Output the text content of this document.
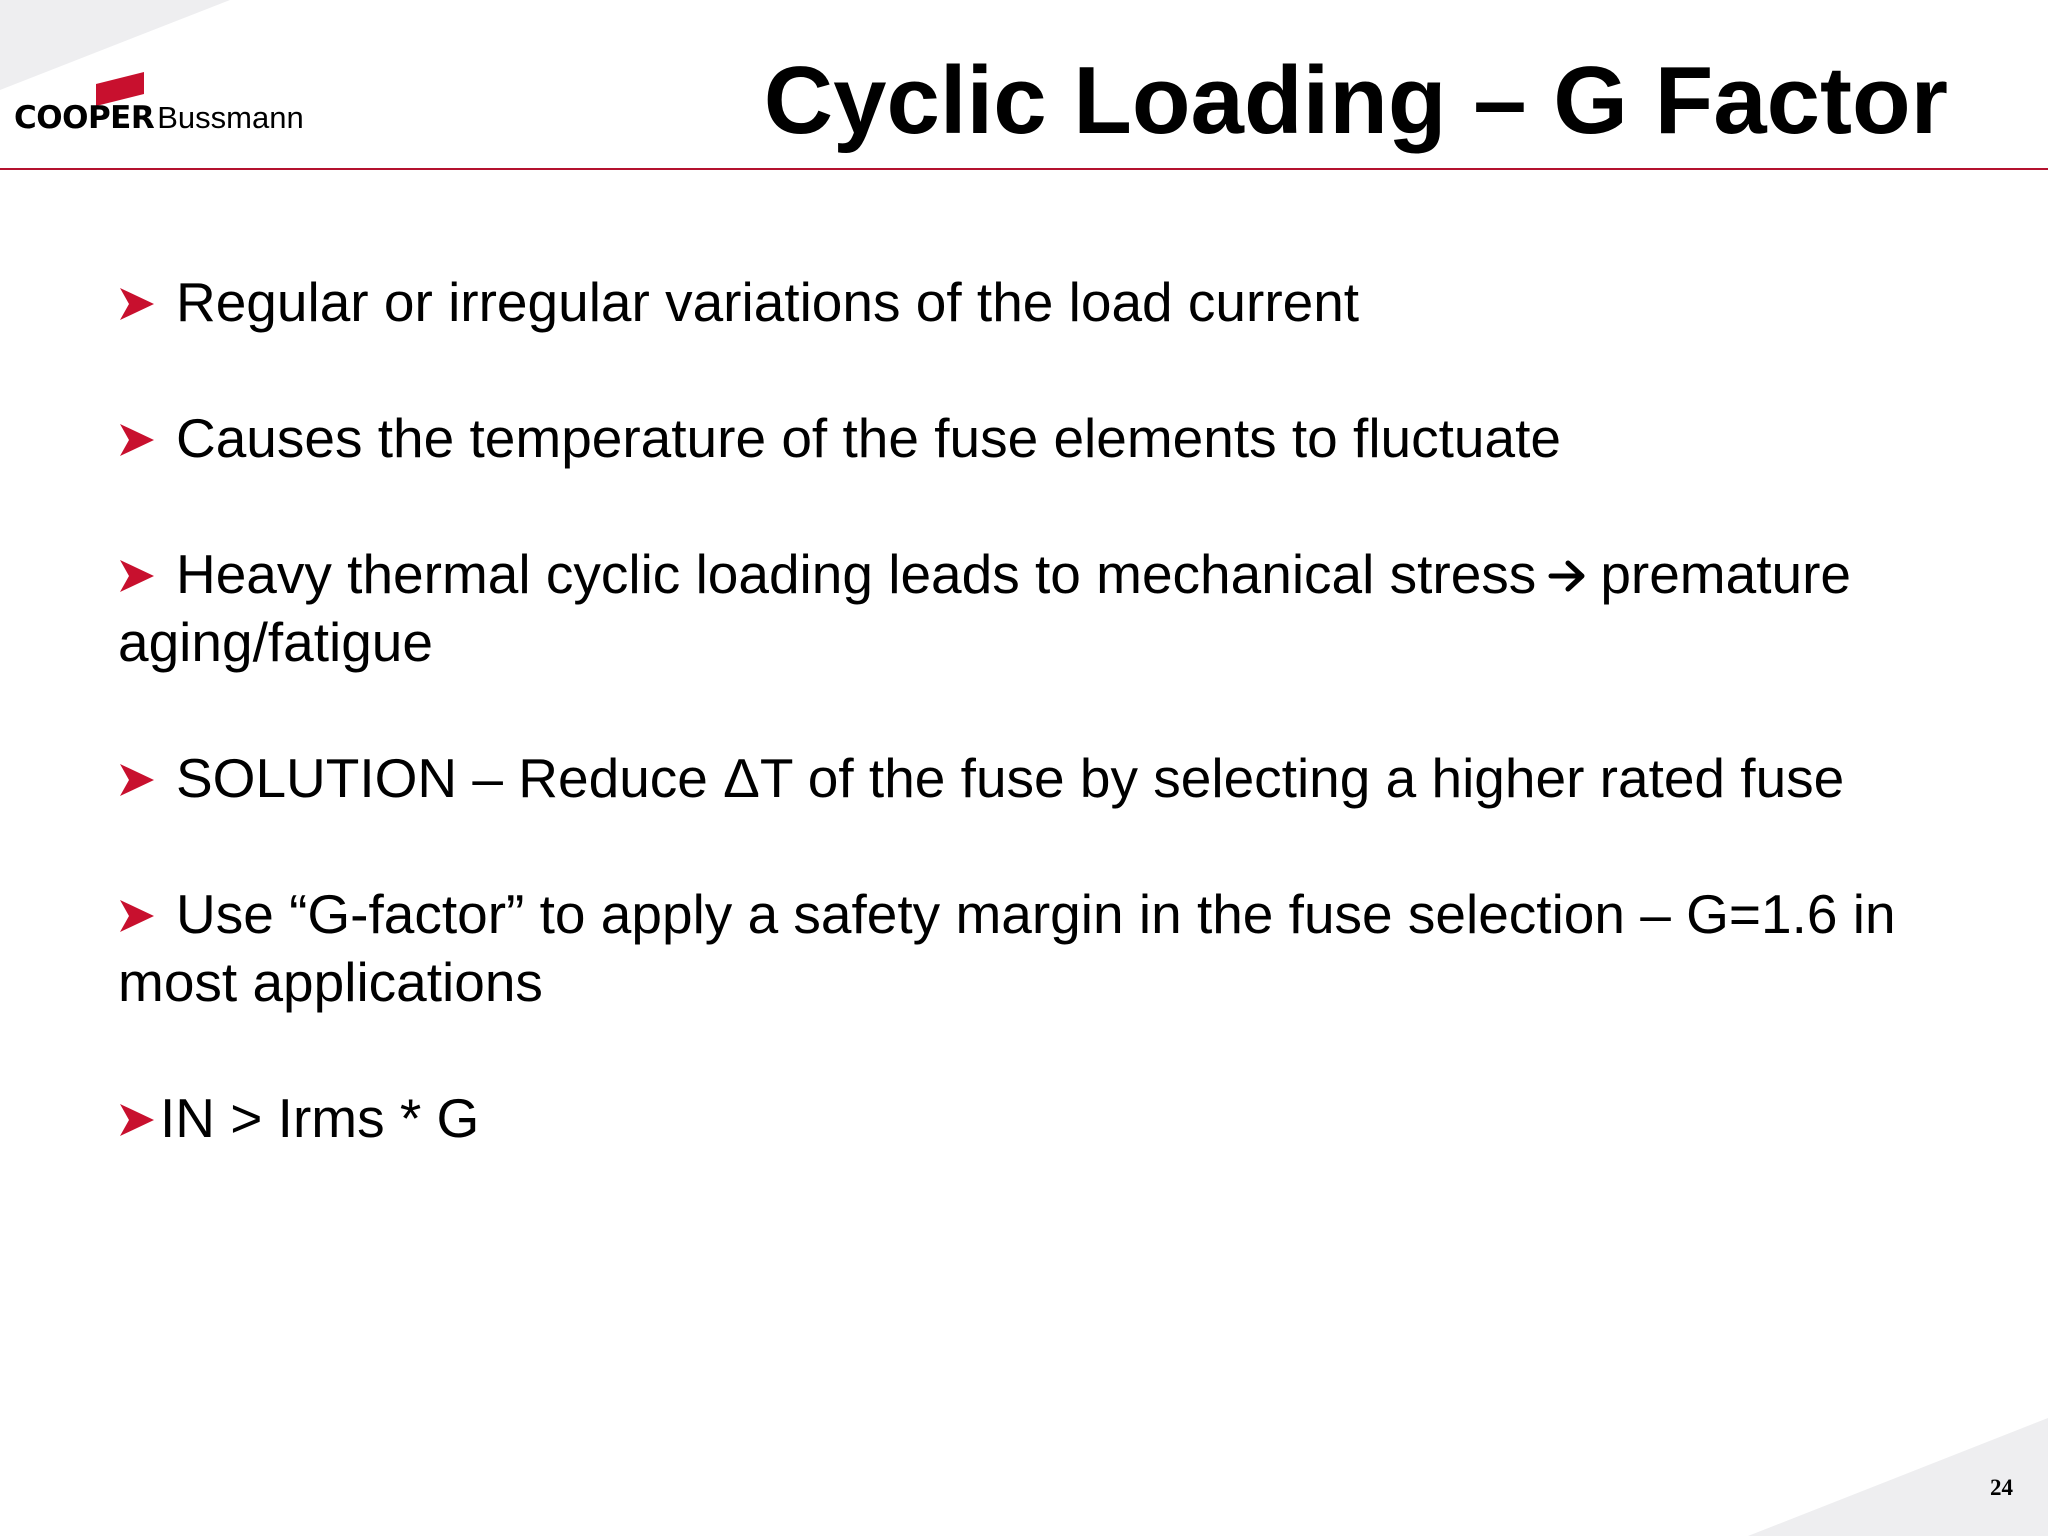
COOPERBussmann	Cyclic Loading – G Factor
Regular or irregular variations of the load current
Causes the temperature of the fuse elements to fluctuate
Heavy thermal cyclic loading leads to mechanical stress premature aging/fatigue
SOLUTION – Reduce ΔT of the fuse by selecting a higher rated fuse
Use “G-factor” to apply a safety margin in the fuse selection – G=1.6 in most applications
IN > Irms * G
24
